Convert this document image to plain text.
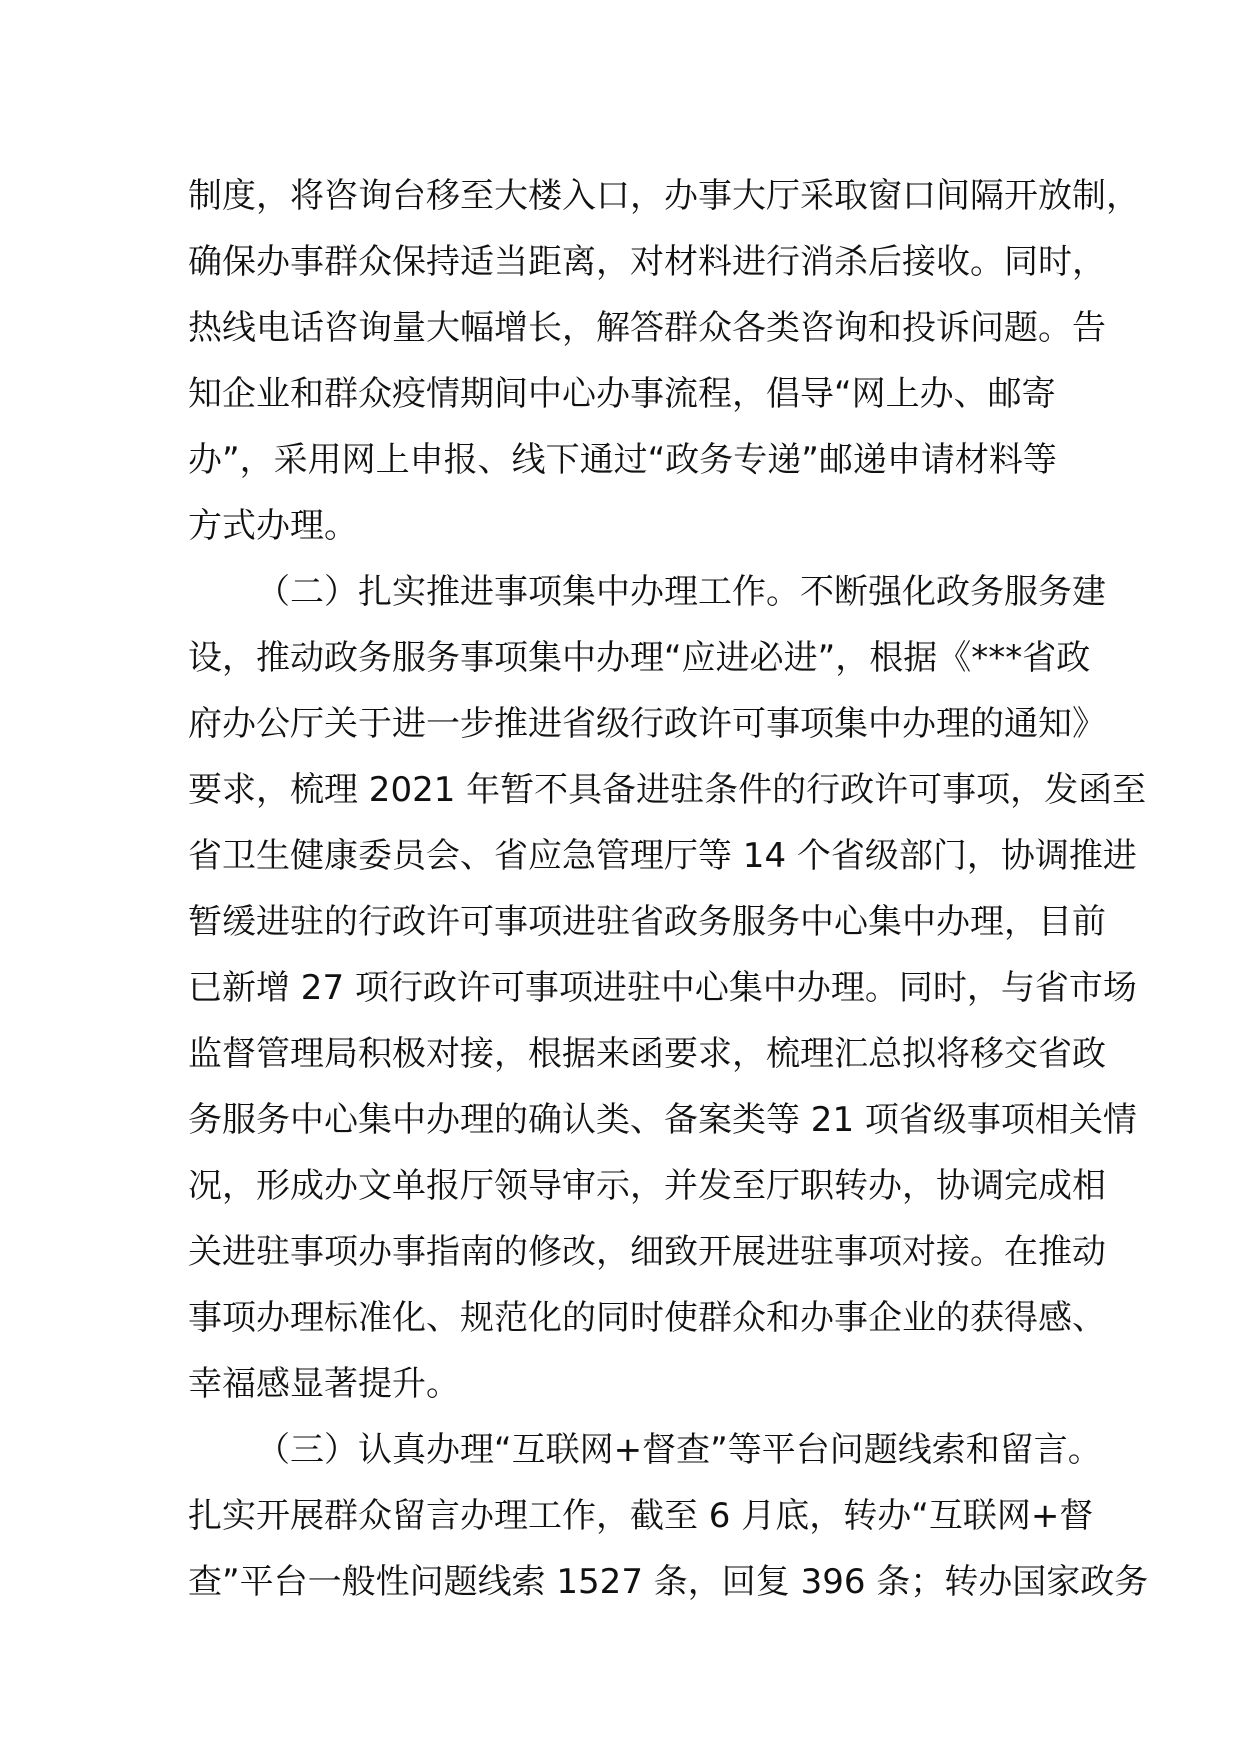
制度，将咨询台移至大楼入口，办事大厅采取窗口间隔开放制，
确保办事群众保持适当距离，对材料进行消杀后接收。同时，
热线电话咨询量大幅增长，解答群众各类咨询和投诉问题。告
知企业和群众疫情期间中心办事流程，倡导“网上办、邮寄
办”，采用网上申报、线下通过“政务专递”邮递申请材料等
方式办理。
（二）扎实推进事项集中办理工作。不断强化政务服务建
设，推动政务服务事项集中办理“应进必进”，根据《***省政
府办公厅关于进一步推进省级行政许可事项集中办理的通知》
要求，梳理 2021 年暂不具备进驻条件的行政许可事项，发函至
省卫生健康委员会、省应急管理厅等 14 个省级部门，协调推进
暂缓进驻的行政许可事项进驻省政务服务中心集中办理，目前
已新增 27 项行政许可事项进驻中心集中办理。同时，与省市场
监督管理局积极对接，根据来函要求，梳理汇总拟将移交省政
务服务中心集中办理的确认类、备案类等 21 项省级事项相关情
况，形成办文单报厅领导审示，并发至厅职转办，协调完成相
关进驻事项办事指南的修改，细致开展进驻事项对接。在推动
事项办理标准化、规范化的同时使群众和办事企业的获得感、
幸福感显著提升。
（三）认真办理“互联网+督查”等平台问题线索和留言。
扎实开展群众留言办理工作，截至 6 月底，转办“互联网+督
查”平台一般性问题线索 1527 条，回复 396 条；转办国家政务
